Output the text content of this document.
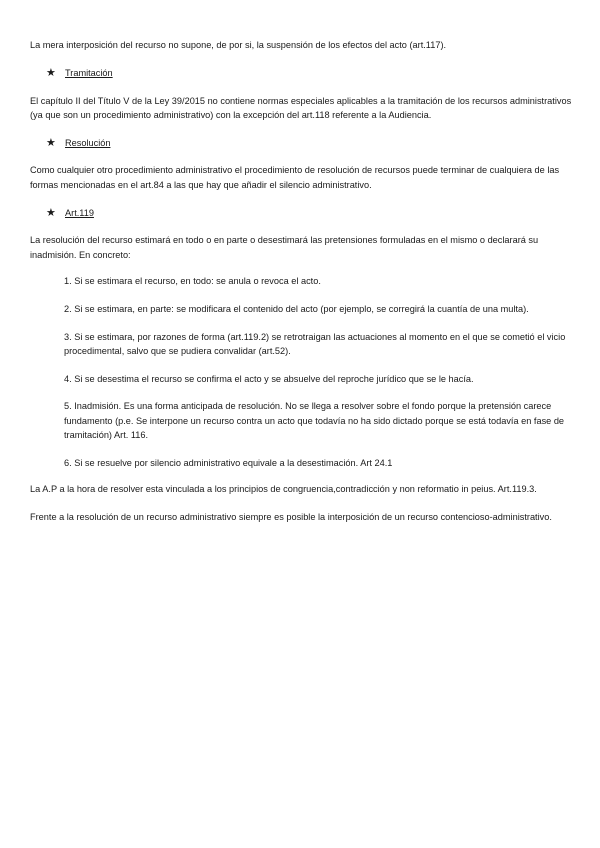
La mera interposición del recurso no supone, de por si, la suspensión de los efectos del acto (art.117).

★ Tramitación

El capítulo II del Título V de la Ley 39/2015 no contiene normas especiales aplicables a la tramitación de los recursos administrativos (ya que son un procedimiento administrativo) con la excepción del art.118 referente a la Audiencia.

★ Resolución

Como cualquier otro procedimiento administrativo el procedimiento de resolución de recursos puede terminar de cualquiera de las formas mencionadas en el art.84 a las que hay que añadir el silencio administrativo.

★ Art.119

La resolución del recurso estimará en todo o en parte o desestimará las pretensiones formuladas en el mismo o declarará su inadmisión. En concreto:

1. Si se estimara el recurso, en todo: se anula o revoca el acto.

2. Si se estimara, en parte: se modificara el contenido del acto (por ejemplo, se corregirá la cuantía de una multa).

3. Si se estimara, por razones de forma (art.119.2) se retrotraigan las actuaciones al momento en el que se cometió el vicio procedimental, salvo que se pudiera convalidar (art.52).

4. Si se desestima el recurso se confirma el acto y se absuelve del reproche jurídico que se le hacía.

5. Inadmisión. Es una forma anticipada de resolución. No se llega a resolver sobre el fondo porque la pretensión carece fundamento (p.e. Se interpone un recurso contra un acto que todavía no ha sido dictado porque se está todavía en fase de tramitación) Art. 116.

6. Si se resuelve por silencio administrativo equivale a la desestimación. Art 24.1

La A.P a la hora de resolver esta vinculada a los principios de congruencia,contradicción y non reformatio in peius. Art.119.3.

Frente a la resolución de un recurso administrativo siempre es posible la interposición de un recurso contencioso-administrativo.
